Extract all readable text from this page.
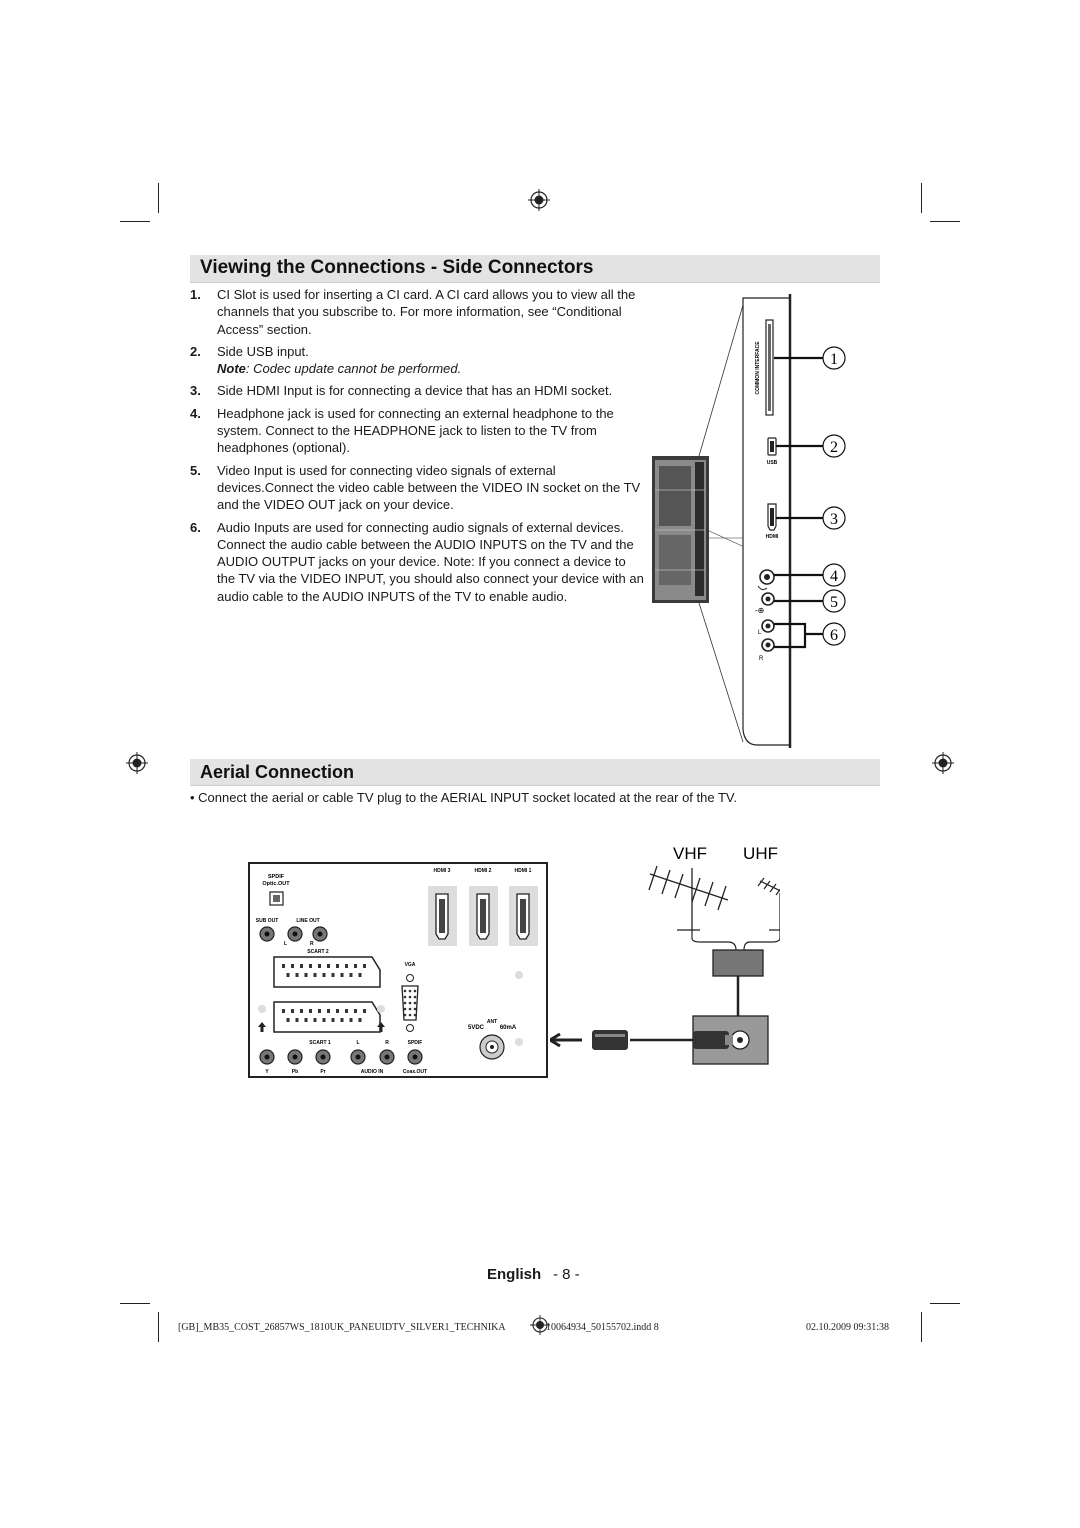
Viewing the Connections - Side Connectors
1. CI Slot is used for inserting a CI card. A CI card allows you to view all the channels that you subscribe to. For more information, see “Conditional Access” section.
2. Side USB input.
Note: Codec update cannot be performed.
3. Side HDMI Input is for connecting a device that has an HDMI socket.
4. Headphone jack is used for connecting an external headphone to the system. Connect to the HEADPHONE jack to listen to the TV from headphones (optional).
5. Video Input is used for connecting video signals of external devices.Connect the video cable between the VIDEO IN socket on the TV and the VIDEO OUT jack on your device.
6. Audio Inputs are used for connecting audio signals of external devices. Connect the audio cable between the AUDIO INPUTS on the TV and the AUDIO OUTPUT jacks on your device. Note: If you connect a device to the TV via the VIDEO INPUT, you should also connect your device with an audio cable to the AUDIO INPUTS of the TV to enable audio.
COMMON INTERFACE
USB
HDMI
-⊕
L
R
1
2
3
4
5
6
Aerial Connection
• Connect the aerial or cable TV plug to the AERIAL INPUT socket located at the rear of the TV.
SPDIF
Optic.OUT
SUB OUT	LINE OUT
L	R
SCART 2
VGA
HDMI 3	HDMI 2	HDMI 1
ANT
5VDC	60mA
SCART 1	L	R	SPDIF
Y	Pb	Pr	AUDIO IN	Coax.OUT
VHF UHF
English - 8 -
[GB]_MB35_COST_26857WS_1810UK_PANEUIDTV_SILVER1_TECHNIKA	10064934_50155702.indd 8	02.10.2009 09:31:38
